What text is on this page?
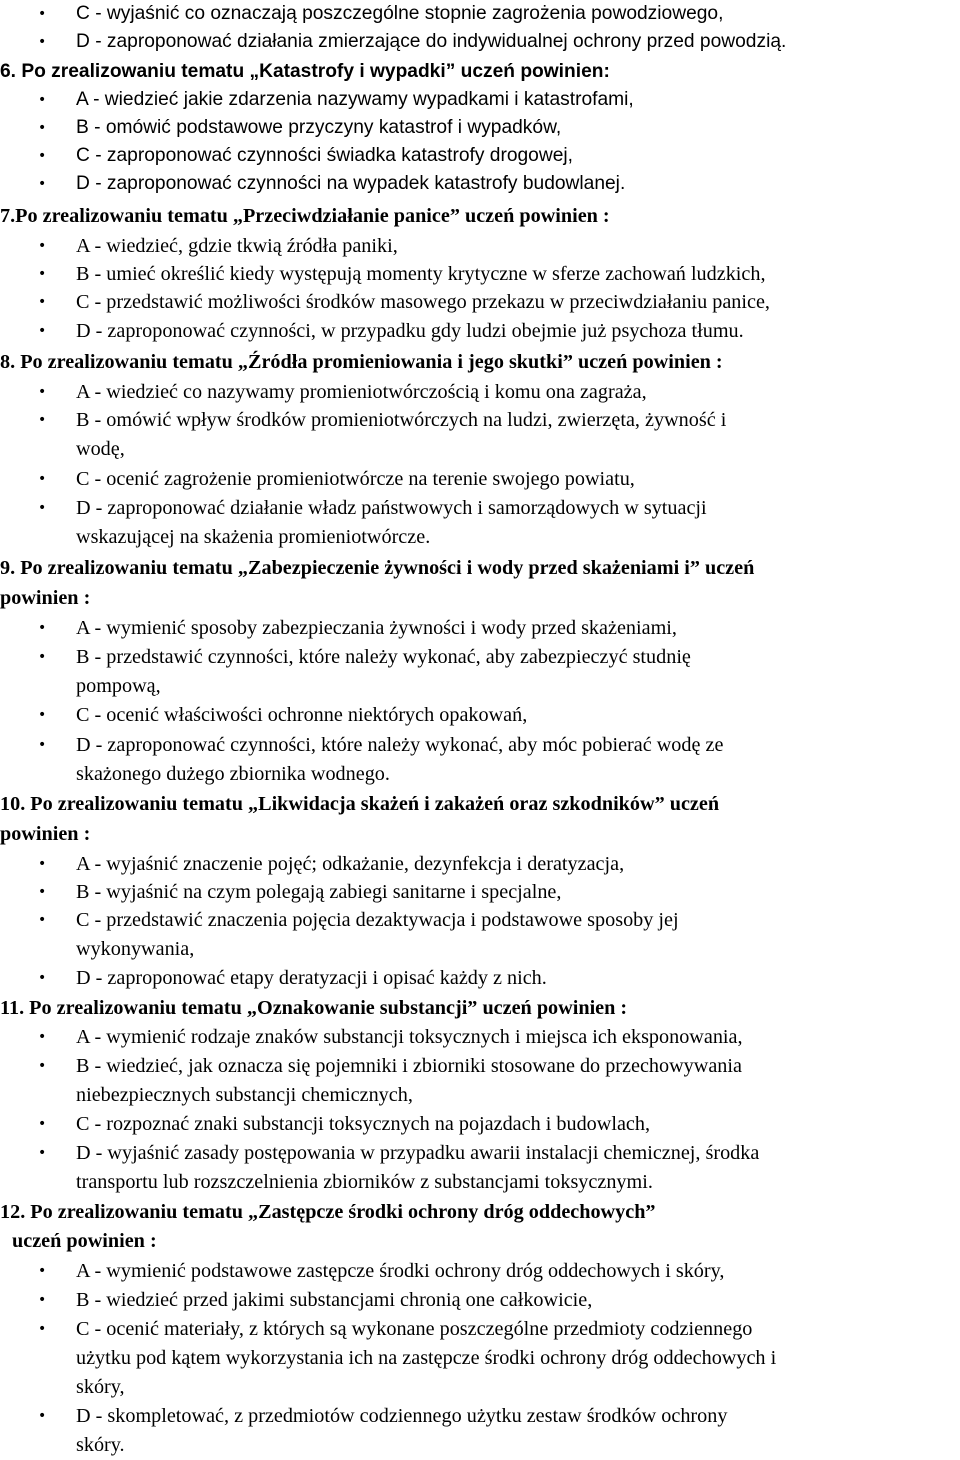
• C - wyjaśnić co oznaczają poszczególne stopnie zagrożenia powodziowego,
• D - zaproponować działania zmierzające do indywidualnej ochrony przed powodzią.
6. Po zrealizowaniu tematu „Katastrofy i wypadki” uczeń powinien:
• A - wiedzieć jakie zdarzenia nazywamy wypadkami i katastrofami,
• B - omówić podstawowe przyczyny katastrof i wypadków,
• C - zaproponować czynności świadka katastrofy drogowej,
• D - zaproponować czynności na wypadek katastrofy budowlanej.
7.Po zrealizowaniu tematu „Przeciwdziałanie panice” uczeń powinien :
• A - wiedzieć, gdzie tkwią źródła paniki,
• B - umieć określić kiedy występują momenty krytyczne w sferze zachowań ludzkich,
• C - przedstawić możliwości środków masowego przekazu w przeciwdziałaniu panice,
• D - zaproponować czynności, w przypadku gdy ludzi obejmie już psychoza tłumu.
8. Po zrealizowaniu tematu „Źródła promieniowania i jego skutki” uczeń powinien :
• A - wiedzieć co nazywamy promieniotwórczością i komu ona zagraża,
• B - omówić wpływ środków promieniotwórczych na ludzi, zwierzęta, żywność i
wodę,
• C - ocenić zagrożenie promieniotwórcze na terenie swojego powiatu,
• D - zaproponować działanie władz państwowych i samorządowych w sytuacji
wskazującej na skażenia promieniotwórcze.
9. Po zrealizowaniu tematu „Zabezpieczenie żywności i wody przed skażeniami i” uczeń
powinien :
• A - wymienić sposoby zabezpieczania żywności i wody przed skażeniami,
• B - przedstawić czynności, które należy wykonać, aby zabezpieczyć studnię
pompową,
• C - ocenić właściwości ochronne niektórych opakowań,
• D - zaproponować czynności, które należy wykonać, aby móc pobierać wodę ze
skażonego dużego zbiornika wodnego.
10. Po zrealizowaniu tematu „Likwidacja skażeń i zakażeń oraz szkodników” uczeń
powinien :
• A - wyjaśnić znaczenie pojęć; odkażanie, dezynfekcja i deratyzacja,
• B - wyjaśnić na czym polegają zabiegi sanitarne i specjalne,
• C - przedstawić znaczenia pojęcia dezaktywacja i podstawowe sposoby jej
wykonywania,
• D - zaproponować etapy deratyzacji i opisać każdy z nich.
11. Po zrealizowaniu tematu „Oznakowanie substancji” uczeń powinien :
• A - wymienić rodzaje znaków substancji toksycznych i miejsca ich eksponowania,
• B - wiedzieć, jak oznacza się pojemniki i zbiorniki stosowane do przechowywania
niebezpiecznych substancji chemicznych,
• C - rozpoznać znaki substancji toksycznych na pojazdach i budowlach,
• D - wyjaśnić zasady postępowania w przypadku awarii instalacji chemicznej, środka
transportu lub rozszczelnienia zbiorników z substancjami toksycznymi.
12. Po zrealizowaniu tematu „Zastępcze środki ochrony dróg oddechowych”
uczeń powinien :
• A - wymienić podstawowe zastępcze środki ochrony dróg oddechowych i skóry,
• B - wiedzieć przed jakimi substancjami chronią one całkowicie,
• C - ocenić materiały, z których są wykonane poszczególne przedmioty codziennego
użytku pod kątem wykorzystania ich na zastępcze środki ochrony dróg oddechowych i
skóry,
• D - skompletować, z przedmiotów codziennego użytku zestaw środków ochrony
skóry.
